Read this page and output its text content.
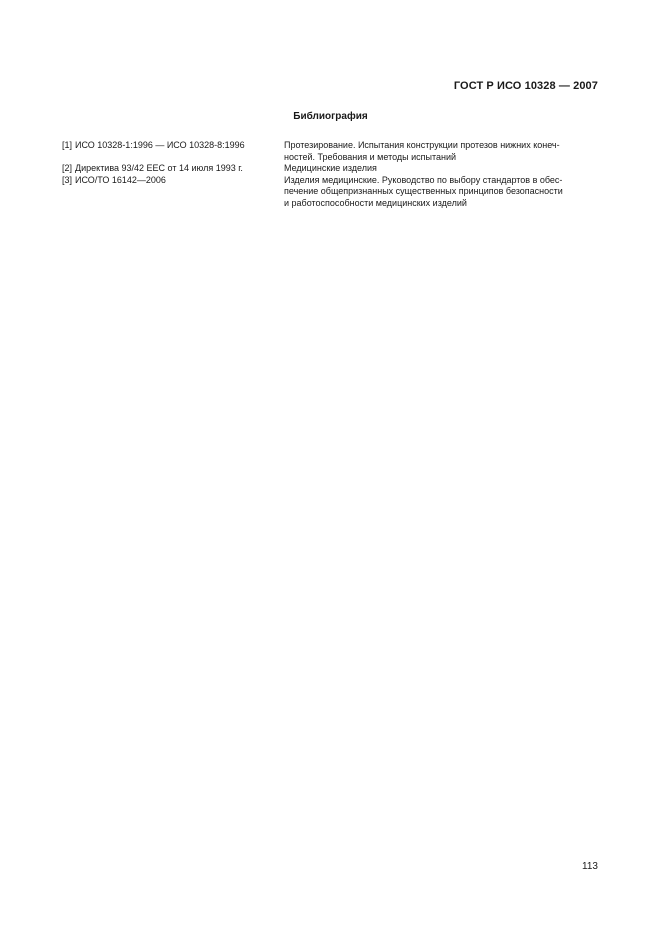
ГОСТ Р ИСО 10328 — 2007
Библиография
[1] ИСО 10328-1:1996 — ИСО 10328-8:1996	Протезирование. Испытания конструкции протезов нижних конеч-
ностей. Требования и методы испытаний
[2] Директива 93/42 EEC от 14 июля 1993 г.	Медицинские изделия
[3] ИСО/ТО 16142—2006	Изделия медицинские. Руководство по выбору стандартов в обес-
печение общепризнанных существенных принципов безопасности
и работоспособности медицинских изделий
113
